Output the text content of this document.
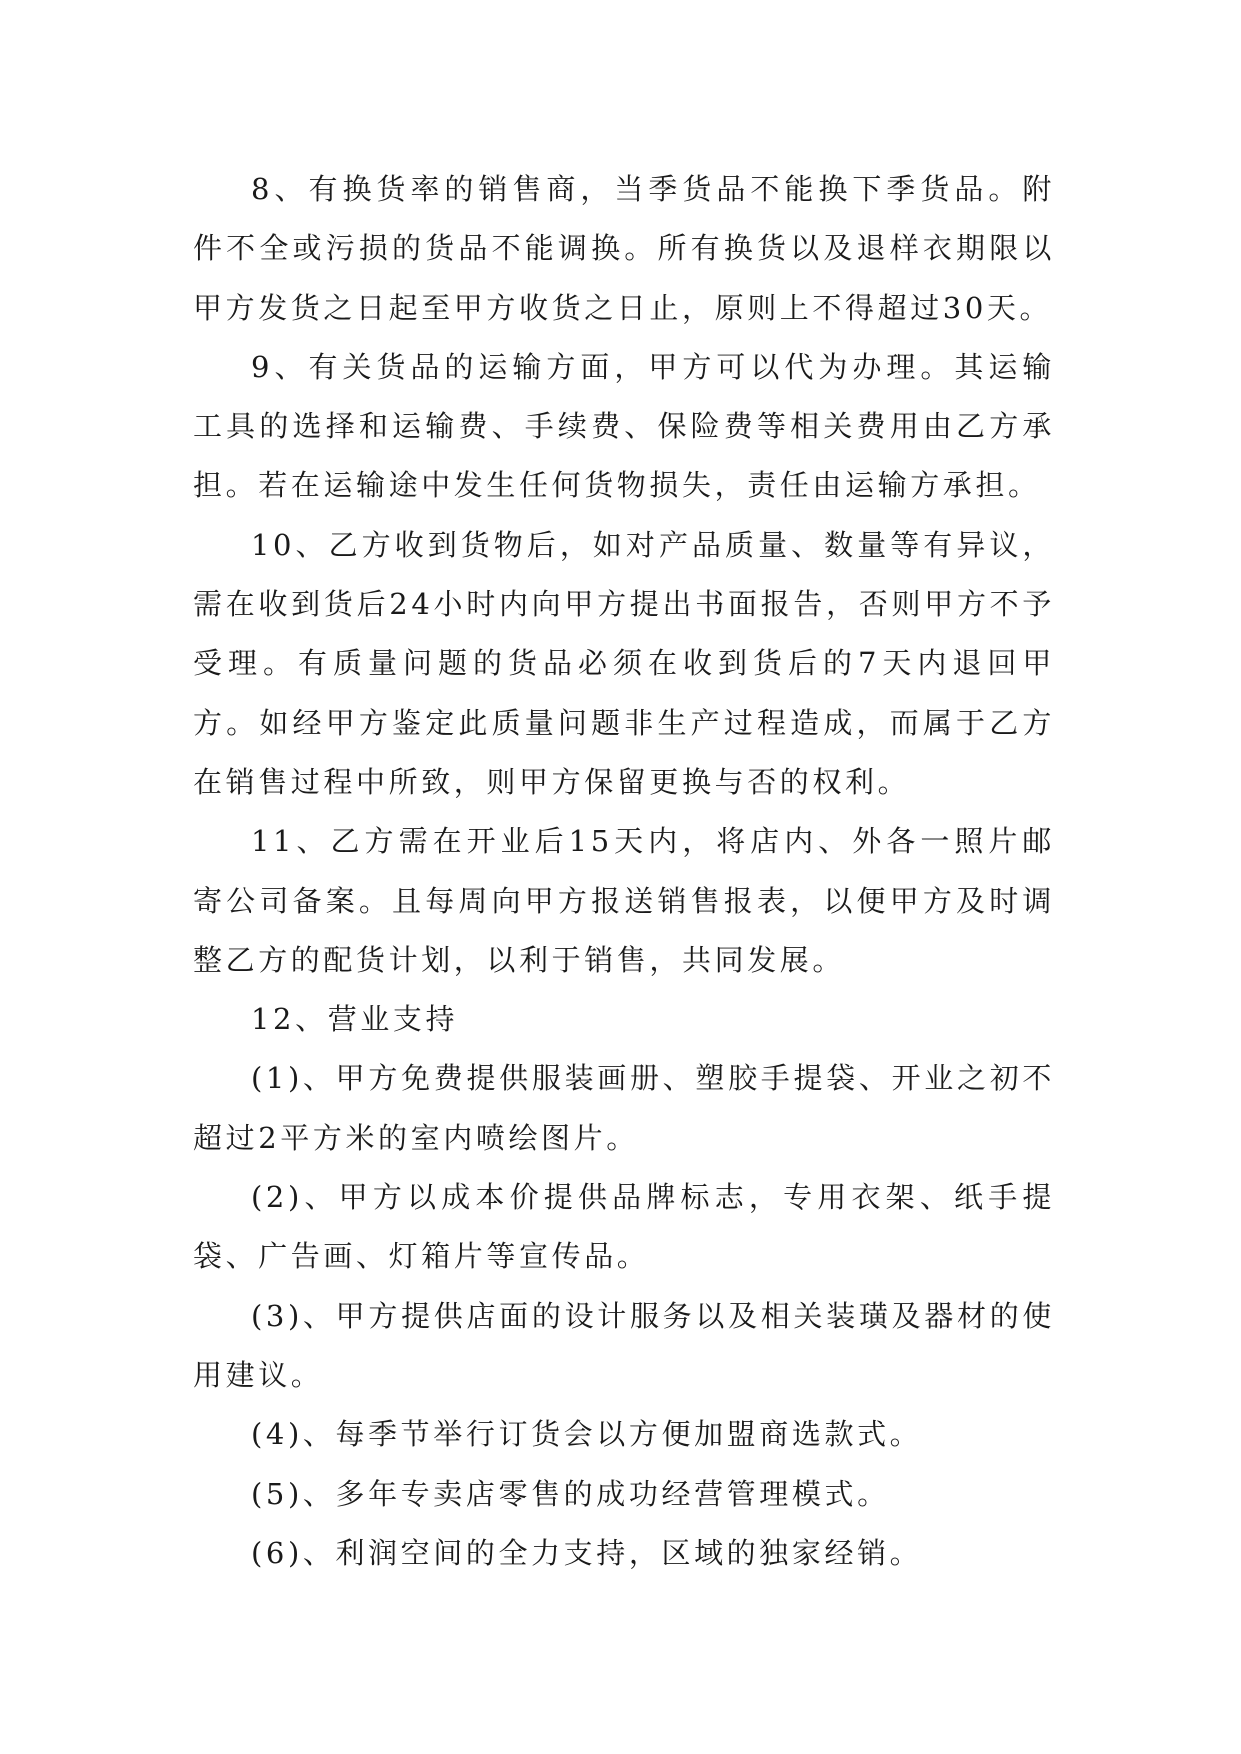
8、有换货率的销售商，当季货品不能换下季货品。附件不全或污损的货品不能调换。所有换货以及退样衣期限以甲方发货之日起至甲方收货之日止，原则上不得超过30天。

9、有关货品的运输方面，甲方可以代为办理。其运输工具的选择和运输费、手续费、保险费等相关费用由乙方承担。若在运输途中发生任何货物损失，责任由运输方承担。

10、乙方收到货物后，如对产品质量、数量等有异议，需在收到货后24小时内向甲方提出书面报告，否则甲方不予受理。有质量问题的货品必须在收到货后的7天内退回甲方。如经甲方鉴定此质量问题非生产过程造成，而属于乙方在销售过程中所致，则甲方保留更换与否的权利。

11、乙方需在开业后15天内，将店内、外各一照片邮寄公司备案。且每周向甲方报送销售报表，以便甲方及时调整乙方的配货计划，以利于销售，共同发展。

12、营业支持

(1)、甲方免费提供服装画册、塑胶手提袋、开业之初不超过2平方米的室内喷绘图片。

(2)、甲方以成本价提供品牌标志，专用衣架、纸手提袋、广告画、灯箱片等宣传品。

(3)、甲方提供店面的设计服务以及相关装璜及器材的使用建议。

(4)、每季节举行订货会以方便加盟商选款式。

(5)、多年专卖店零售的成功经营管理模式。

(6)、利润空间的全力支持，区域的独家经销。
